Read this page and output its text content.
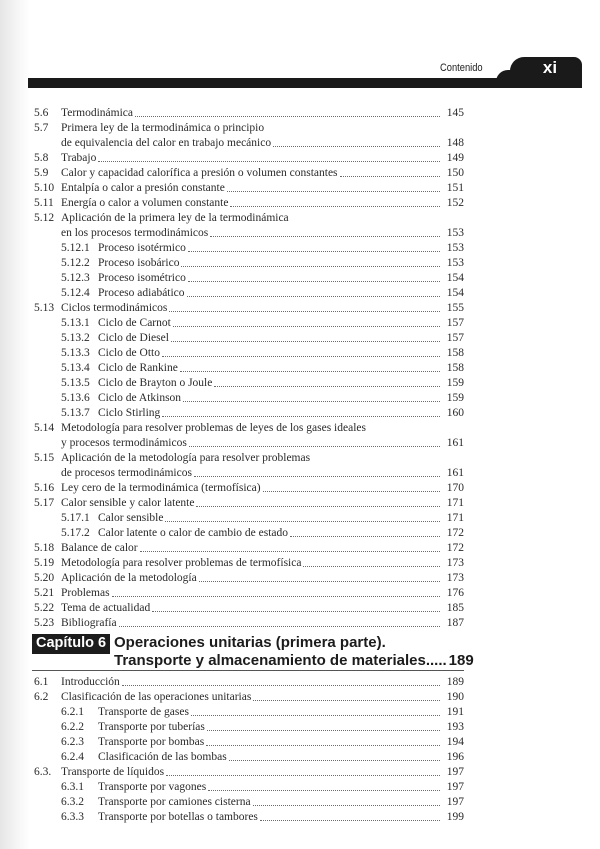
Contenido	xi
5.6	Termodinámica	145
5.7	Primera ley de la termodinámica o principio
de equivalencia del calor en trabajo mecánico	148
5.8	Trabajo	149
5.9	Calor y capacidad calorífica a presión o volumen constantes	150
5.10 Entalpía o calor a presión constante	151
5.11 Energía o calor a volumen constante	152
5.12 Aplicación de la primera ley de la termodinámica
en los procesos termodinámicos	153
5.12.1 Proceso isotérmico	153
5.12.2 Proceso isobárico	153
5.12.3 Proceso isométrico	154
5.12.4 Proceso adiabático	154
5.13 Ciclos termodinámicos	155
5.13.1 Ciclo de Carnot	157
5.13.2 Ciclo de Diesel	157
5.13.3 Ciclo de Otto	158
5.13.4 Ciclo de Rankine	158
5.13.5 Ciclo de Brayton o Joule	159
5.13.6 Ciclo de Atkinson	159
5.13.7 Ciclo Stirling	160
5.14 Metodología para resolver problemas de leyes de los gases ideales
y procesos termodinámicos	161
5.15 Aplicación de la metodología para resolver problemas
de procesos termodinámicos	161
5.16 Ley cero de la termodinámica (termofísica)	170
5.17 Calor sensible y calor latente	171
5.17.1 Calor sensible	171
5.17.2 Calor latente o calor de cambio de estado	172
5.18 Balance de calor	172
5.19 Metodología para resolver problemas de termofísica	173
5.20 Aplicación de la metodología	173
5.21 Problemas	176
5.22 Tema de actualidad	185
5.23 Bibliografía	187
Capítulo 6 Operaciones unitarias (primera parte).
Transporte y almacenamiento de materiales ..... 189
6.1	Introducción	189
6.2	Clasificación de las operaciones unitarias	190
6.2.1	Transporte de gases	191
6.2.2	Transporte por tuberías	193
6.2.3	Transporte por bombas	194
6.2.4	Clasificación de las bombas	196
6.3. Transporte de líquidos	197
6.3.1	Transporte por vagones	197
6.3.2	Transporte por camiones cisterna	197
6.3.3	Transporte por botellas o tambores	199
